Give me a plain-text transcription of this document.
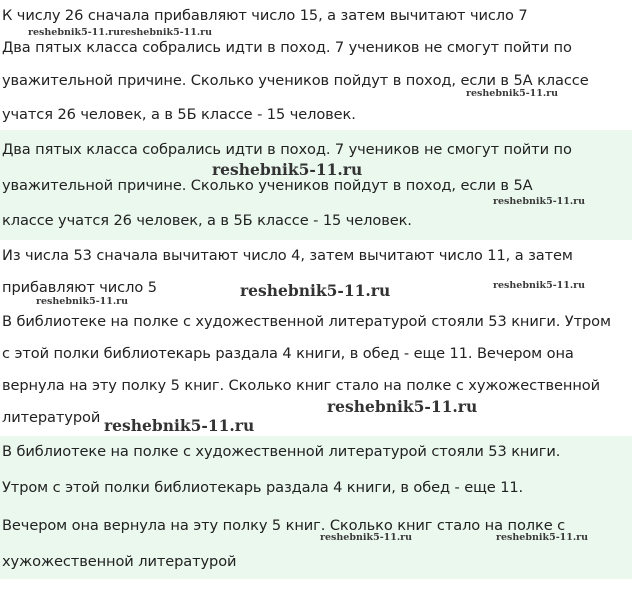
К числу 26 сначала прибавляют число 15, а затем вычитают число 7
Два пятых класса собрались идти в поход. 7 учеников не смогут пойти по
уважительной причине. Сколько учеников пойдут в поход, если в 5А классе
учатся 26 человек, а в 5Б классе - 15 человек.
Два пятых класса собрались идти в поход. 7 учеников не смогут пойти по
уважительной причине. Сколько учеников пойдут в поход, если в 5А
классе учатся 26 человек, а в 5Б классе - 15 человек.
Из числа 53 сначала вычитают число 4, затем вычитают число 11, а затем
прибавляют число 5
В библиотеке на полке с художественной литературой стояли 53 книги. Утром
с этой полки библиотекарь раздала 4 книги, в обед - еще 11. Вечером она
вернула на эту полку 5 книг. Сколько книг стало на полке с хужожественной
литературой
В библиотеке на полке с художественной литературой стояли 53 книги.
Утром с этой полки библиотекарь раздала 4 книги, в обед - еще 11.
Вечером она вернула на эту полку 5 книг. Сколько книг стало на полке с
хужожественной литературой
reshebnik5-11.ru reshebnik5-11.ru
reshebnik5-11.ru
reshebnik5-11.ru
reshebnik5-11.ru
reshebnik5-11.ru	reshebnik5-11.ru
reshebnik5-11.ru
reshebnik5-11.ru
reshebnik5-11.ru
reshebnik5-11.ru	reshebnik5-11.ru
